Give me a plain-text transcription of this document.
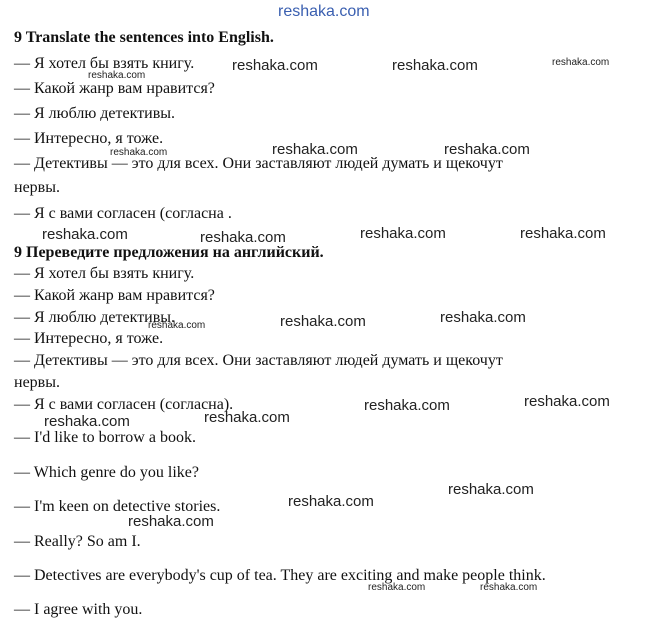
9 Translate the sentences into English.
— Я хотел бы взять книгу.
— Какой жанр вам нравится?
— Я люблю детективы.
— Интересно, я тоже.
— Детективы — это для всех. Они заставляют людей думать и щекочут
нервы.
— Я с вами согласен (согласна .
9 Переведите предложения на английский.
— Я хотел бы взять книгу.
— Какой жанр вам нравится?
— Я люблю детективы.
— Интересно, я тоже.
— Детективы — это для всех. Они заставляют людей думать и щекочут
нервы.
— Я с вами согласен (согласна).
— I'd like to borrow a book.
— Which genre do you like?
— I'm keen on detective stories.
— Really? So am I.
— Detectives are everybody's cup of tea. They are exciting and make people think.
— I agree with you.
reshaka.com
reshaka.com
reshaka.com	reshaka.com	reshaka.com
reshaka.com	reshaka.com	reshaka.com
reshaka.com	reshaka.com	reshaka.com	reshaka.com
reshaka.com	reshaka.com	reshaka.com
reshaka.com	reshaka.com
reshaka.com	reshaka.com
reshaka.com
reshaka.com
reshaka.com
reshaka.com	reshaka.com
